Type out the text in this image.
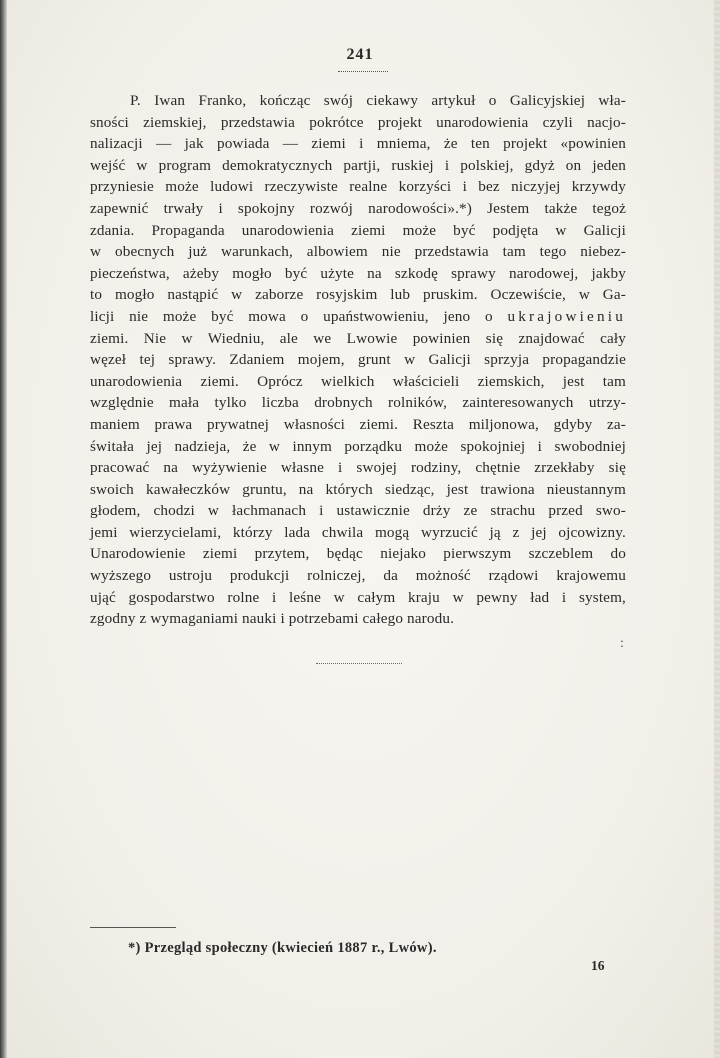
241
P. Iwan Franko, kończąc swój ciekawy artykuł o Galicyjskiej wła-
sności ziemskiej, przedstawia pokrótce projekt unarodowienia czyli nacjo-
nalizacji — jak powiada — ziemi i mniema, że ten projekt «powinien
wejść w program demokratycznych partji, ruskiej i polskiej, gdyż on jeden
przyniesie może ludowi rzeczywiste realne korzyści i bez niczyjej krzywdy
zapewnić trwały i spokojny rozwój narodowości».*) Jestem także tegoż
zdania. Propaganda unarodowienia ziemi może być podjęta w Galicji
w obecnych już warunkach, albowiem nie przedstawia tam tego niebez-
pieczeństwa, ażeby mogło być użyte na szkodę sprawy narodowej, jakby
to mogło nastąpić w zaborze rosyjskim lub pruskim. Oczewiście, w Ga-
licji nie może być mowa o upaństwowieniu, jeno o ukrajowieniu
ziemi. Nie w Wiedniu, ale we Lwowie powinien się znajdować cały
węzeł tej sprawy. Zdaniem mojem, grunt w Galicji sprzyja propagandzie
unarodowienia ziemi. Oprócz wielkich właścicieli ziemskich, jest tam
względnie mała tylko liczba drobnych rolników, zainteresowanych utrzy-
maniem prawa prywatnej własności ziemi. Reszta miljonowa, gdyby za-
świtała jej nadzieja, że w innym porządku może spokojniej i swobodniej
pracować na wyżywienie własne i swojej rodziny, chętnie zrzekłaby się
swoich kawałeczków gruntu, na których siedząc, jest trawiona nieustannym
głodem, chodzi w łachmanach i ustawicznie drży ze strachu przed swo-
jemi wierzycielami, którzy lada chwila mogą wyrzucić ją z jej ojcowizny.
Unarodowienie ziemi przytem, będąc niejako pierwszym szczeblem do
wyższego ustroju produkcji rolniczej, da możność rządowi krajowemu
ująć gospodarstwo rolne i leśne w całym kraju w pewny ład i system,
zgodny z wymaganiami nauki i potrzebami całego narodu.
:
*) Przegląd społeczny (kwiecień 1887 r., Lwów).
16
